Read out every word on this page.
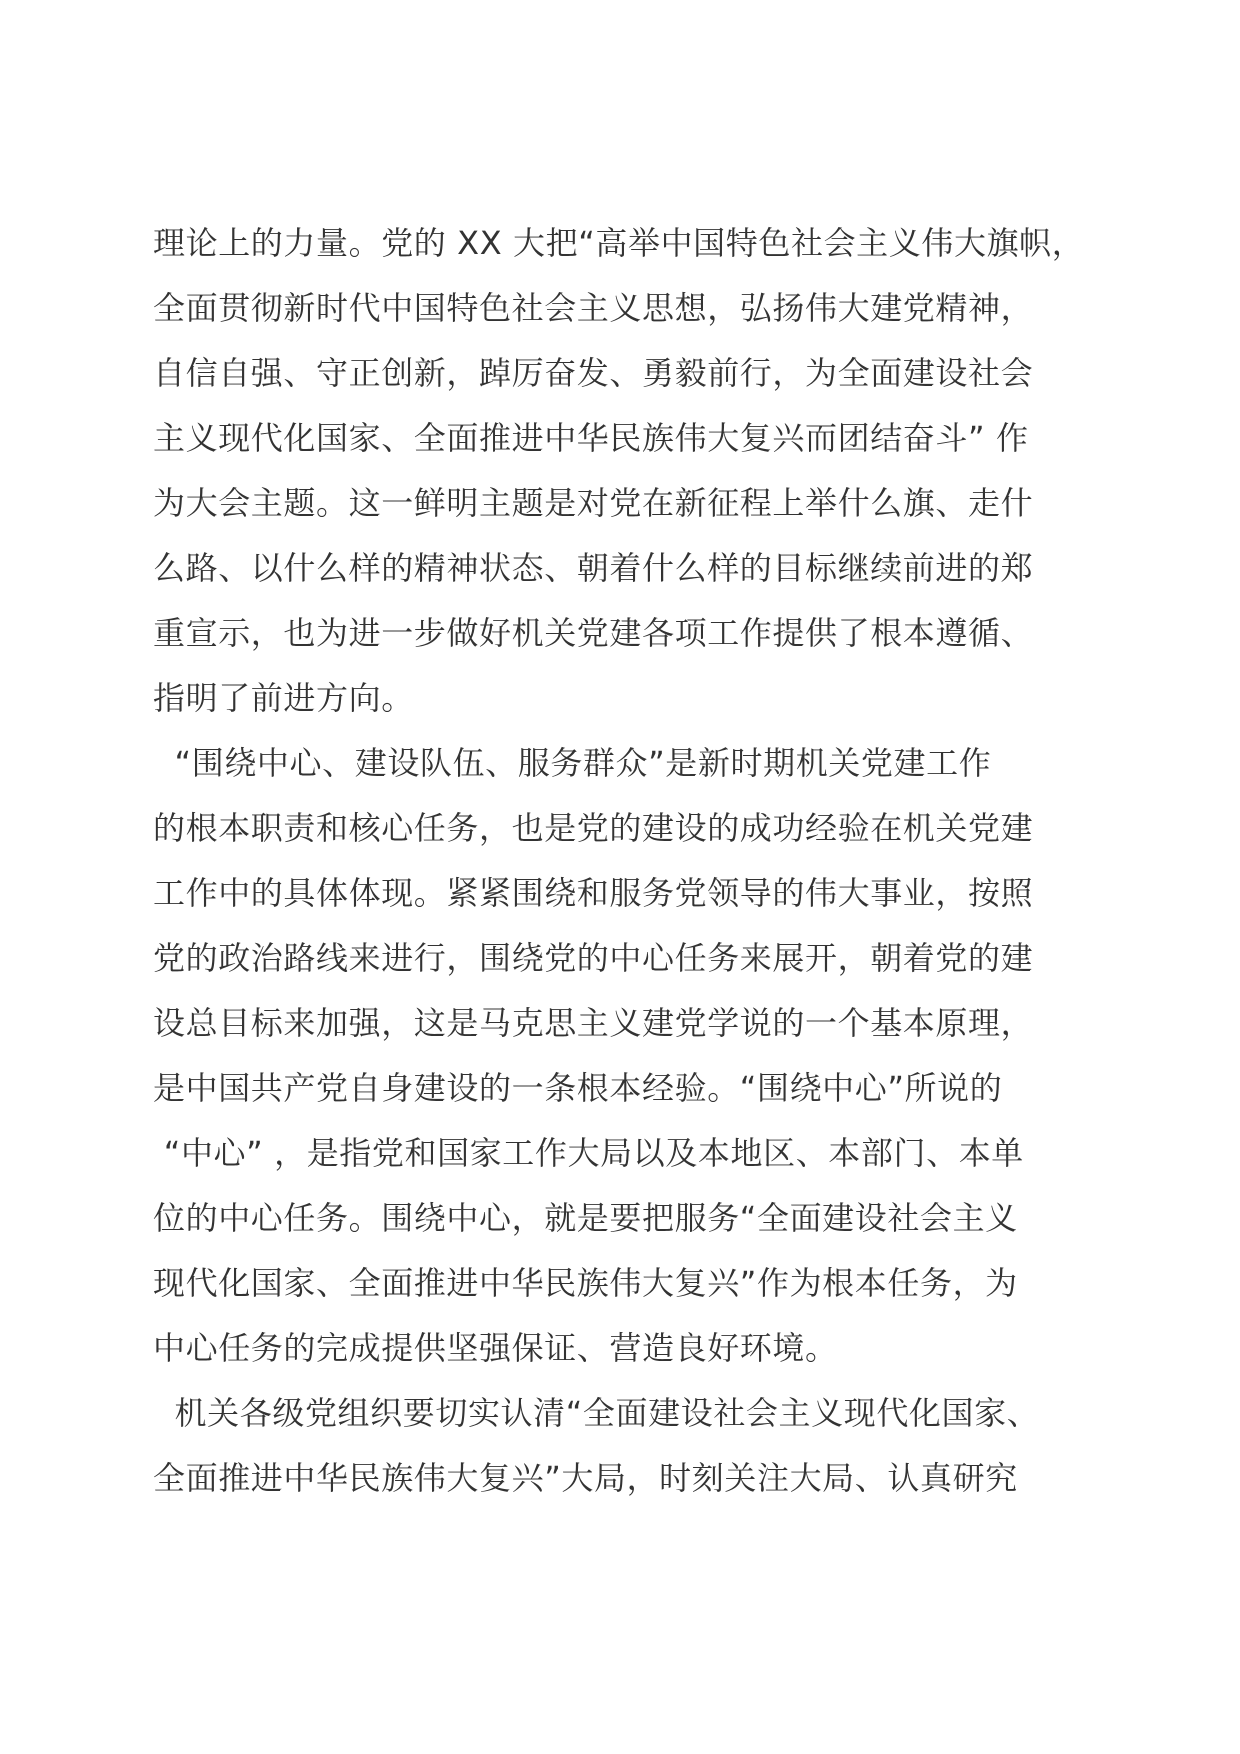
理论上的力量。党的 XX 大把“高举中国特色社会主义伟大旗帜，
全面贯彻新时代中国特色社会主义思想，弘扬伟大建党精神，
自信自强、守正创新，踔厉奋发、勇毅前行，为全面建设社会
主义现代化国家、全面推进中华民族伟大复兴而团结奋斗” 作
为大会主题。这一鲜明主题是对党在新征程上举什么旗、走什
么路、以什么样的精神状态、朝着什么样的目标继续前进的郑
重宣示，也为进一步做好机关党建各项工作提供了根本遵循、
指明了前进方向。
“围绕中心、建设队伍、服务群众”是新时期机关党建工作
的根本职责和核心任务，也是党的建设的成功经验在机关党建
工作中的具体体现。紧紧围绕和服务党领导的伟大事业，按照
党的政治路线来进行，围绕党的中心任务来展开，朝着党的建
设总目标来加强，这是马克思主义建党学说的一个基本原理，
是中国共产党自身建设的一条根本经验。“围绕中心”所说的
“中心” ，是指党和国家工作大局以及本地区、本部门、本单
位的中心任务。围绕中心，就是要把服务“全面建设社会主义
现代化国家、全面推进中华民族伟大复兴”作为根本任务，为
中心任务的完成提供坚强保证、营造良好环境。
机关各级党组织要切实认清“全面建设社会主义现代化国家、
全面推进中华民族伟大复兴”大局，时刻关注大局、认真研究
